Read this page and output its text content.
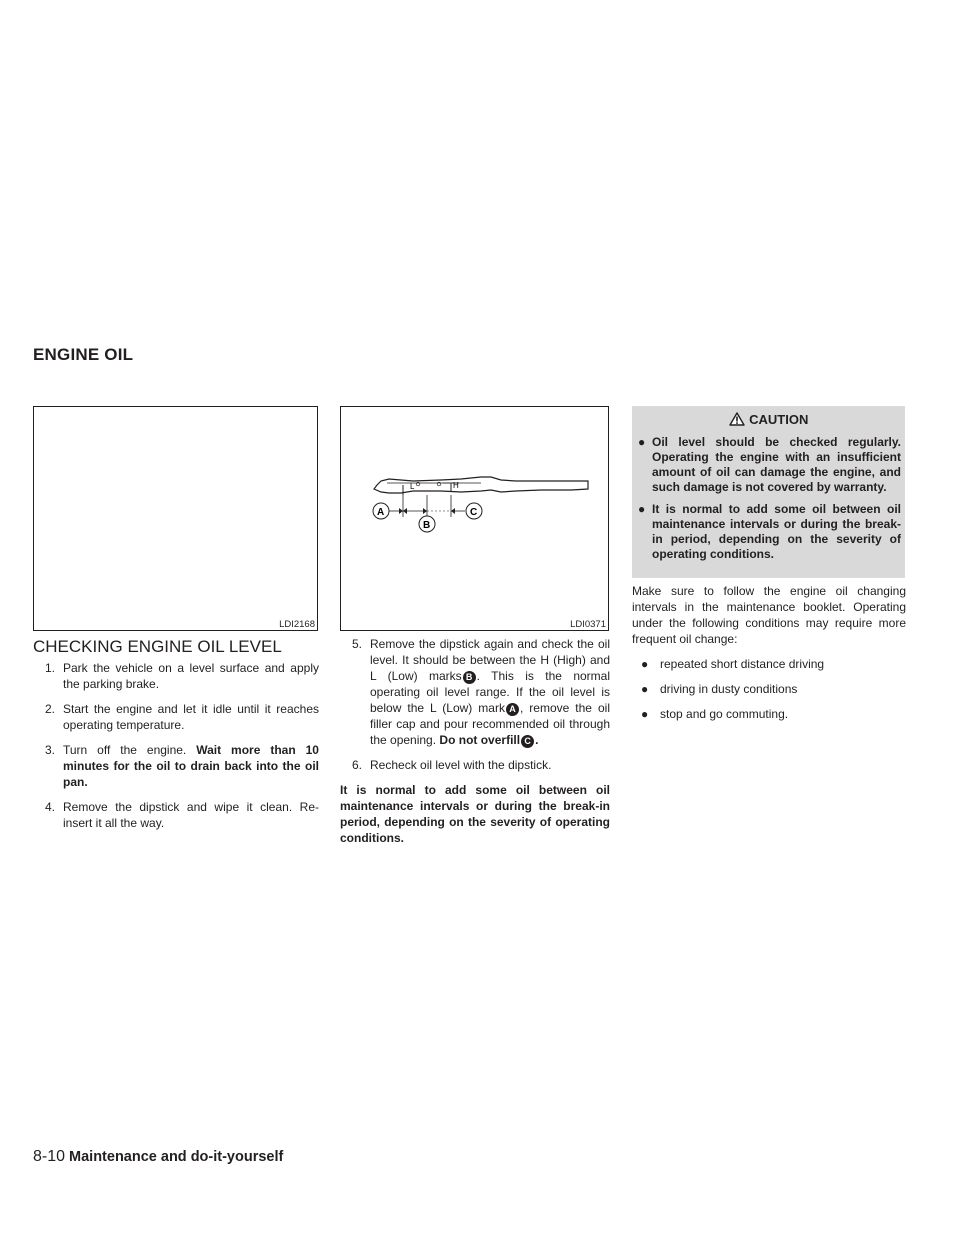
ENGINE OIL
LDI2168
L	H
A
B
C
LDI0371
CHECKING ENGINE OIL LEVEL

1. Park the vehicle on a level surface and apply the parking brake.

2. Start the engine and let it idle until it reaches operating temperature.

3. Turn off the engine. Wait more than 10 minutes for the oil to drain back into the oil pan.

4. Remove the dipstick and wipe it clean. Re-insert it all the way.

5. Remove the dipstick again and check the oil level. It should be between the H (High) and L (Low) marks B . This is the normal operating oil level range. If the oil level is below the L (Low) mark A , remove the oil filler cap and pour recommended oil through the opening. Do not overfill C .

6. Recheck oil level with the dipstick.

It is normal to add some oil between oil maintenance intervals or during the break-in period, depending on the severity of operating conditions.

CAUTION

● Oil level should be checked regularly. Operating the engine with an insufficient amount of oil can damage the engine, and such damage is not covered by warranty.

● It is normal to add some oil between oil maintenance intervals or during the break-in period, depending on the severity of operating conditions.

Make sure to follow the engine oil changing intervals in the maintenance booklet. Operating under the following conditions may require more frequent oil change:

● repeated short distance driving

● driving in dusty conditions

● stop and go commuting.

8-10 Maintenance and do-it-yourself
